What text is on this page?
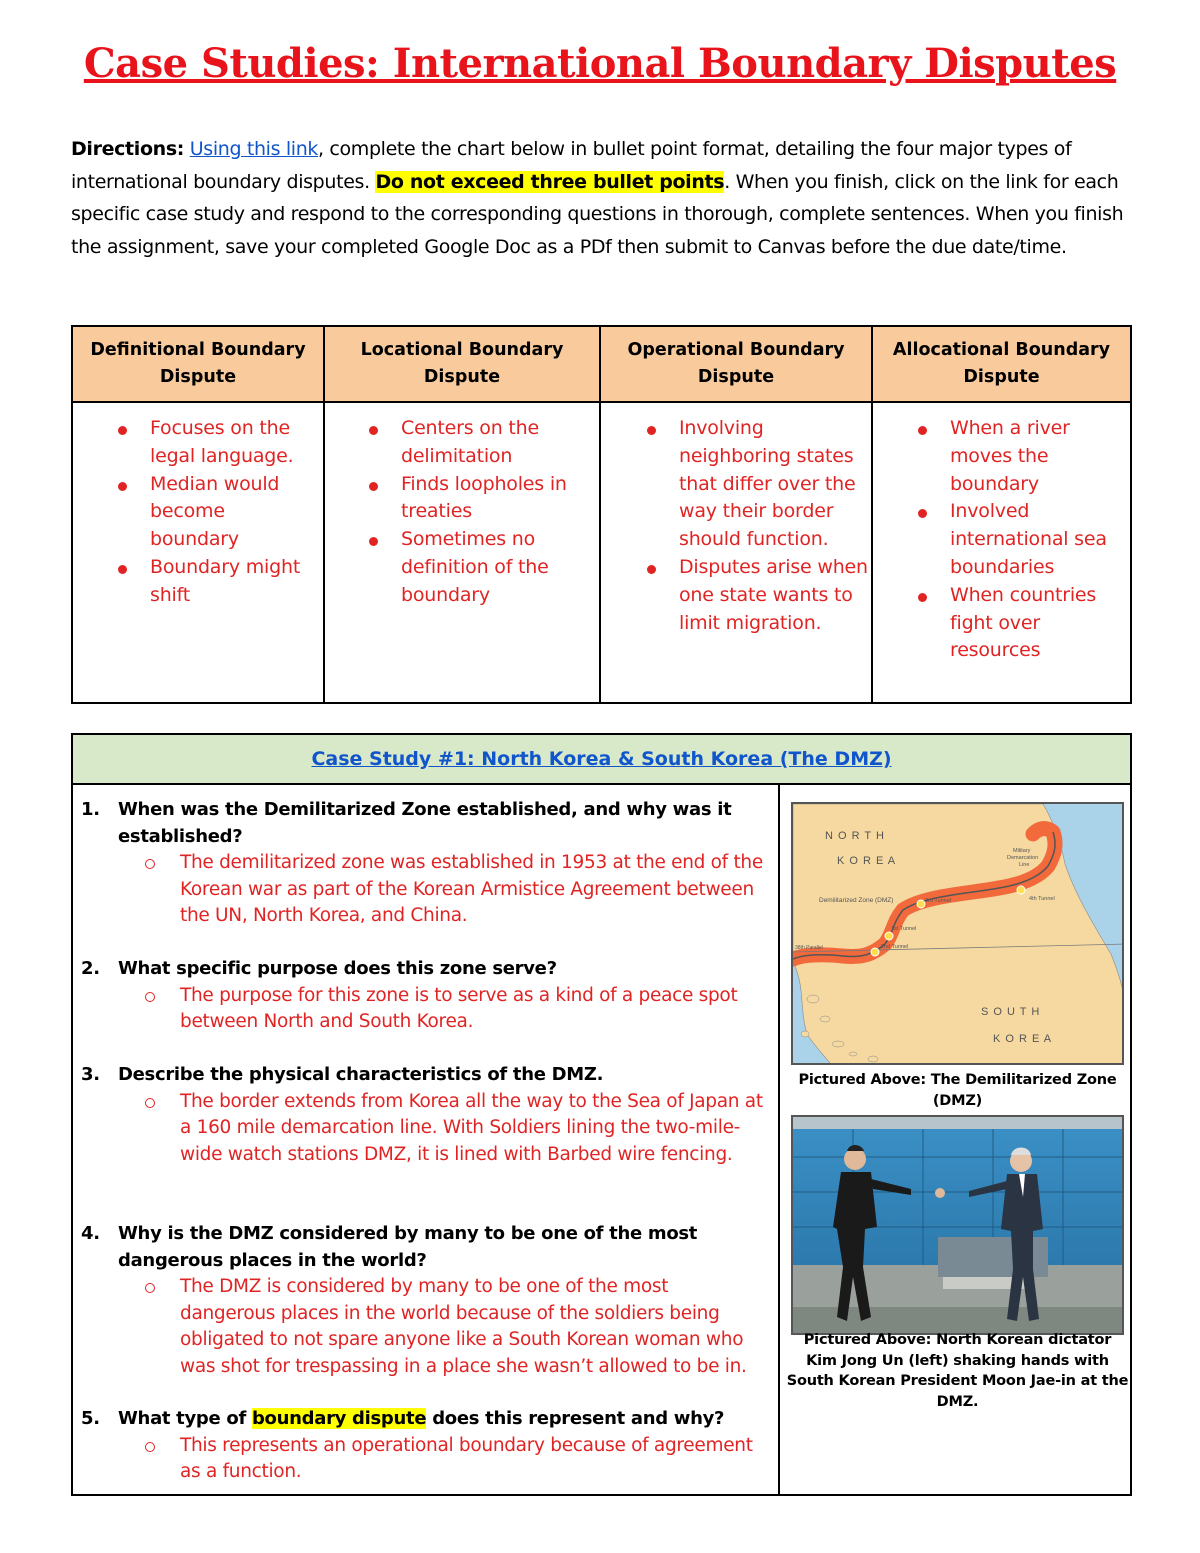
Case Studies: International Boundary Disputes
Directions: Using this link, complete the chart below in bullet point format, detailing the four major types of international boundary disputes. Do not exceed three bullet points. When you finish, click on the link for each specific case study and respond to the corresponding questions in thorough, complete sentences. When you finish the assignment, save your completed Google Doc as a PDf then submit to Canvas before the due date/time.
Definitional Boundary Dispute
Focuses on the legal language.
Median would become boundary
Boundary might shift
Locational Boundary Dispute
Centers on the delimitation
Finds loopholes in treaties
Sometimes no definition of the boundary
Operational Boundary Dispute
Involving neighboring states that differ over the way their border should function.
Disputes arise when one state wants to limit migration.
Allocational Boundary Dispute
When a river moves the boundary
Involved international sea boundaries
When countries fight over resources
Case Study #1: North Korea & South Korea (The DMZ)
1. When was the Demilitarized Zone established, and why was it established?
The demilitarized zone was established in 1953 at the end of the Korean war as part of the Korean Armistice Agreement between the UN, North Korea, and China.
2. What specific purpose does this zone serve?
The purpose for this zone is to serve as a kind of a peace spot between North and South Korea.
3. Describe the physical characteristics of the DMZ.
The border extends from Korea all the way to the Sea of Japan at a 160 mile demarcation line. With Soldiers lining the two-mile-wide watch stations DMZ, it is lined with Barbed wire fencing.
4. Why is the DMZ considered by many to be one of the most dangerous places in the world?
The DMZ is considered by many to be one of the most dangerous places in the world because of the soldiers being obligated to not spare anyone like a South Korean woman who was shot for trespassing in a place she wasn’t allowed to be in.
5. What type of boundary dispute does this represent and why?
This represents an operational boundary because of agreement as a function.
N O R T H
K O R E A
S O U T H
K O R E A
Demilitarized Zone (DMZ)
Military
Demarcation
Line
38th Parallel
1st Tunnel
2nd Tunnel
3rd Tunnel	4th Tunnel
Pictured Above: The Demilitarized Zone (DMZ)
Pictured Above: North Korean dictator Kim Jong Un (left) shaking hands with South Korean President Moon Jae-in at the DMZ.
